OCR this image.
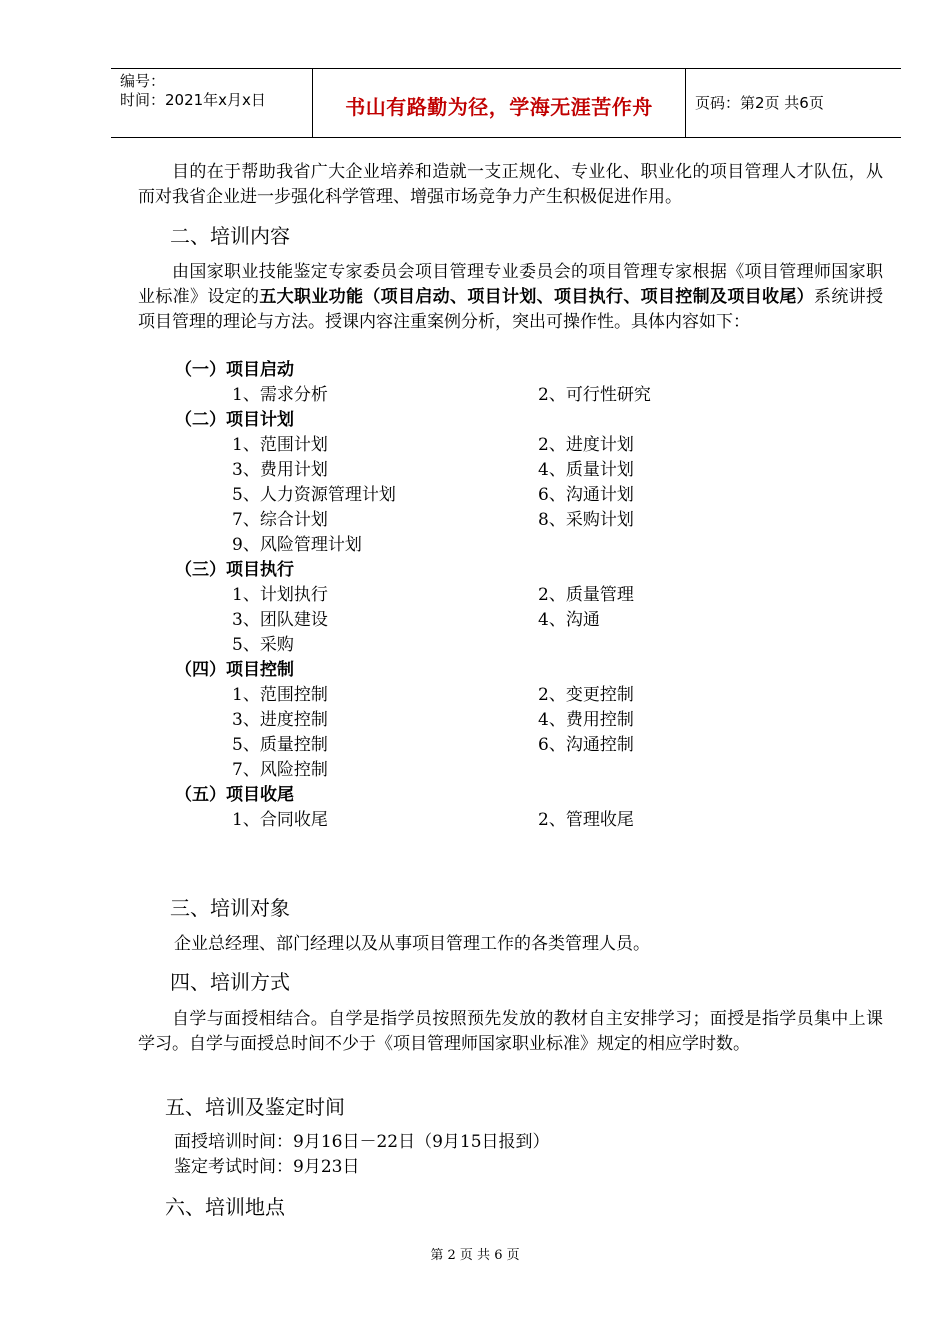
编号：
时间：2021年x月x日	书山有路勤为径，学海无涯苦作舟	页码：第2页 共6页
目的在于帮助我省广大企业培养和造就一支正规化、专业化、职业化的项目管理人才队伍，从而对我省企业进一步强化科学管理、增强市场竞争力产生积极促进作用。
二、培训内容
由国家职业技能鉴定专家委员会项目管理专业委员会的项目管理专家根据《项目管理师国家职业标准》设定的五大职业功能（项目启动、项目计划、项目执行、项目控制及项目收尾）系统讲授项目管理的理论与方法。授课内容注重案例分析，突出可操作性。具体内容如下：
（一）项目启动
1、需求分析	2、可行性研究
（二）项目计划
1、范围计划	2、进度计划
3、费用计划	4、质量计划
5、人力资源管理计划	6、沟通计划
7、综合计划	8、采购计划
9、风险管理计划
（三）项目执行
1、计划执行	2、质量管理
3、团队建设	4、沟通
5、采购
（四）项目控制
1、范围控制	2、变更控制
3、进度控制	4、费用控制
5、质量控制	6、沟通控制
7、风险控制
（五）项目收尾
1、合同收尾	2、管理收尾
三、培训对象
企业总经理、部门经理以及从事项目管理工作的各类管理人员。
四、培训方式
自学与面授相结合。自学是指学员按照预先发放的教材自主安排学习；面授是指学员集中上课学习。自学与面授总时间不少于《项目管理师国家职业标准》规定的相应学时数。
五、培训及鉴定时间
面授培训时间：9月16日－22日（9月15日报到）
鉴定考试时间：9月23日
六、培训地点
第 2 页 共 6 页
